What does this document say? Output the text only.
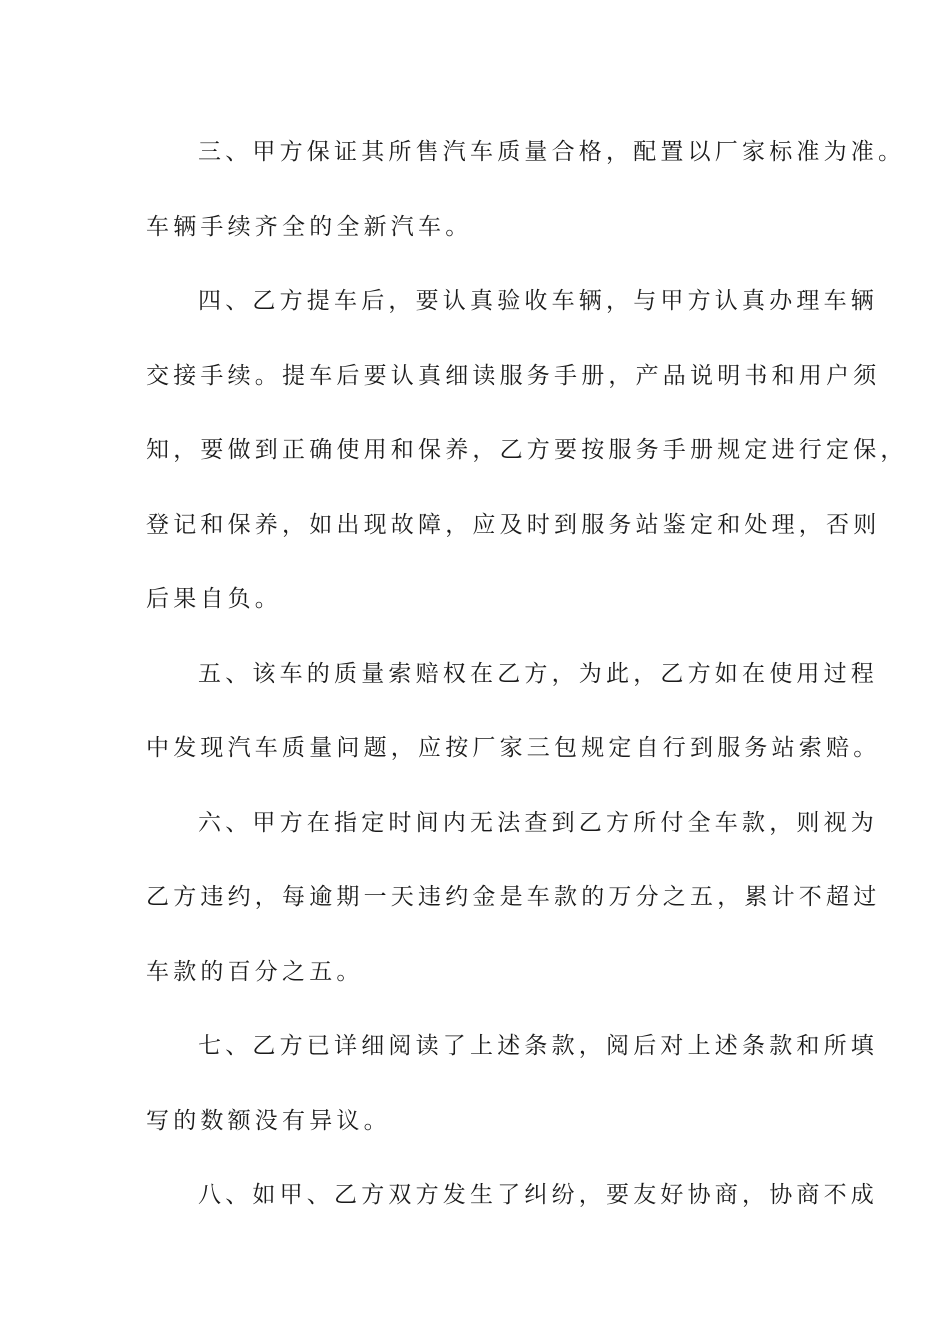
三、甲方保证其所售汽车质量合格，配置以厂家标准为准。
车辆手续齐全的全新汽车。
四、乙方提车后，要认真验收车辆，与甲方认真办理车辆
交接手续。提车后要认真细读服务手册，产品说明书和用户须
知，要做到正确使用和保养，乙方要按服务手册规定进行定保，
登记和保养，如出现故障，应及时到服务站鉴定和处理，否则
后果自负。
五、该车的质量索赔权在乙方，为此，乙方如在使用过程
中发现汽车质量问题，应按厂家三包规定自行到服务站索赔。
六、甲方在指定时间内无法查到乙方所付全车款，则视为
乙方违约，每逾期一天违约金是车款的万分之五，累计不超过
车款的百分之五。
七、乙方已详细阅读了上述条款，阅后对上述条款和所填
写的数额没有异议。
八、如甲、乙方双方发生了纠纷，要友好协商，协商不成
